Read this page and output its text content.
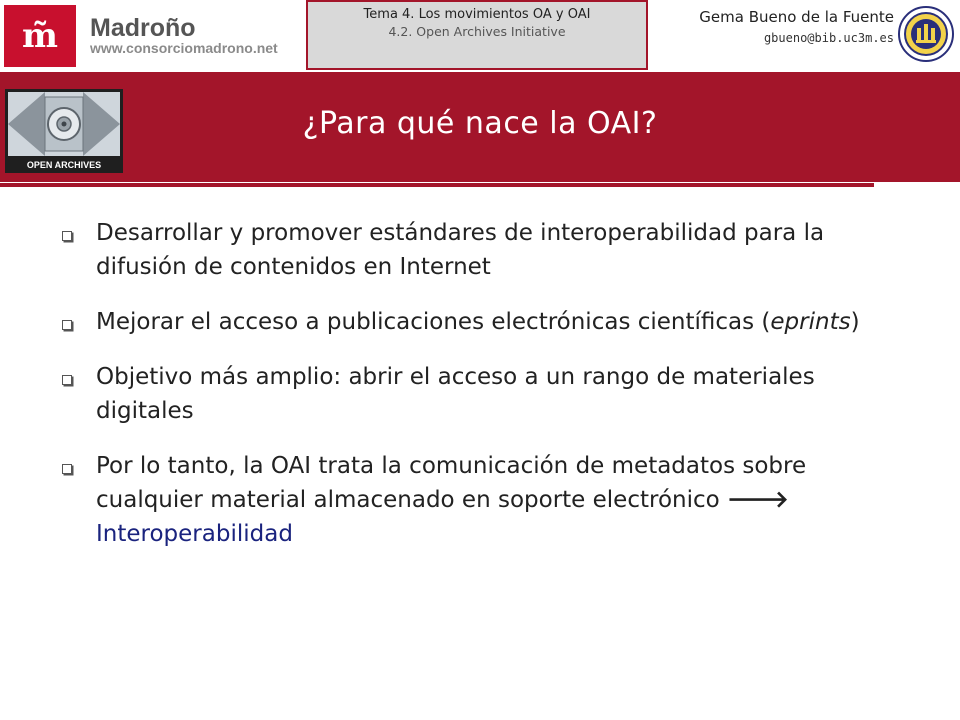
m̃ Madroño
www.consorciomadrono.net
Tema 4. Los movimientos OA y OAI
4.2. Open Archives Initiative
Gema Bueno de la Fuente
gbueno@bib.uc3m.es
OPEN ARCHIVES
¿Para qué nace la OAI?
Desarrollar y promover estándares de interoperabilidad para la difusión de contenidos en Internet
Mejorar el acceso a publicaciones electrónicas científicas (eprints)
Objetivo más amplio: abrir el acceso a un rango de materiales digitales
Por lo tanto, la OAI trata la comunicación de metadatos sobre cualquier material almacenado en soporte electrónico 🡒 Interoperabilidad
